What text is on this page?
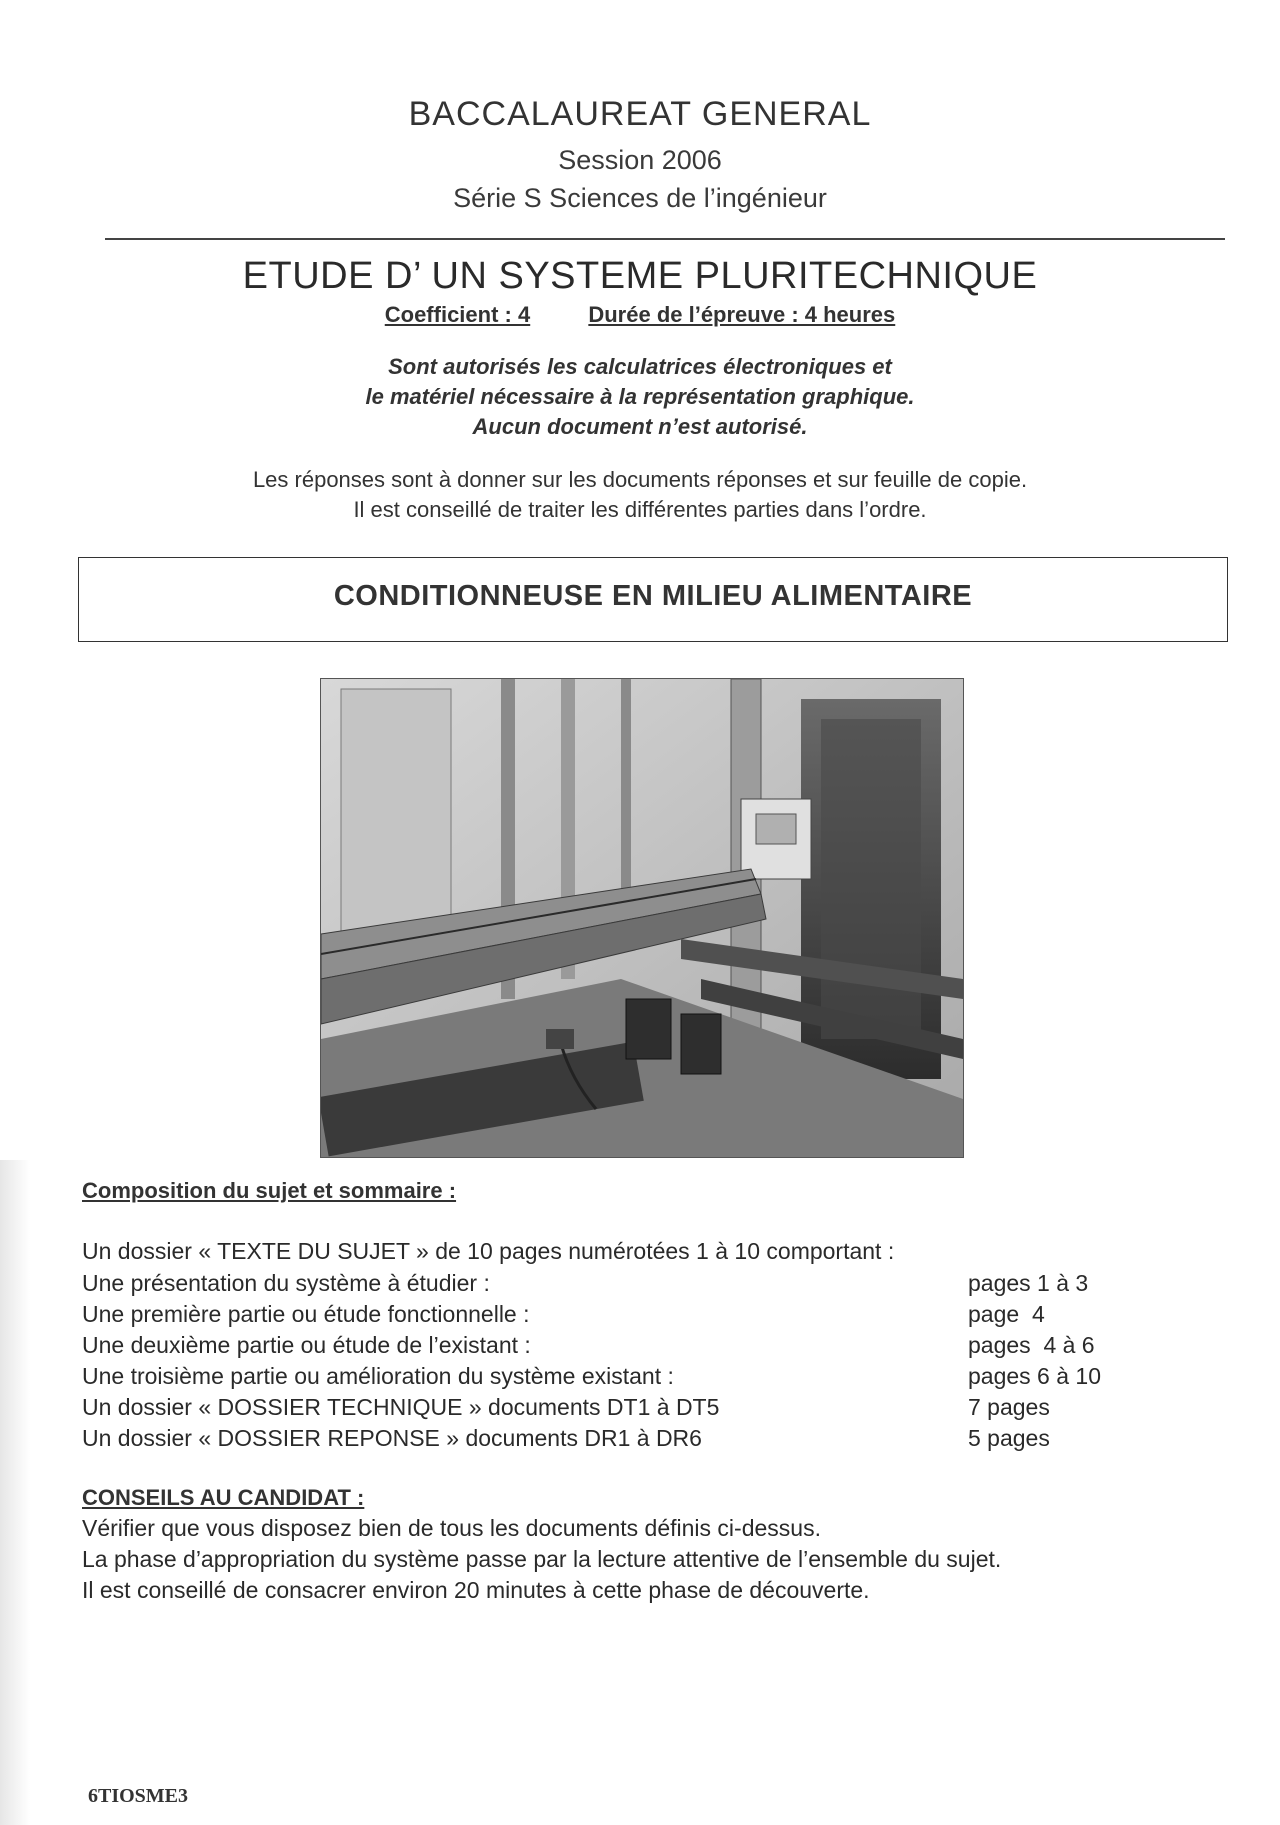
BACCALAUREAT GENERAL
Session 2006
Série S Sciences de l’ingénieur
ETUDE D’ UN SYSTEME PLURITECHNIQUE
Coefficient : 4	Durée de l’épreuve : 4 heures
Sont autorisés les calculatrices électroniques et
le matériel nécessaire à la représentation graphique.
Aucun document n’est autorisé.
Les réponses sont à donner sur les documents réponses et sur feuille de copie.
Il est conseillé de traiter les différentes parties dans l’ordre.
CONDITIONNEUSE EN MILIEU ALIMENTAIRE
Composition du sujet et sommaire :
Un dossier « TEXTE DU SUJET » de 10 pages numérotées 1 à 10 comportant :
Une présentation du système à étudier :	pages 1 à 3
Une première partie ou étude fonctionnelle :	page  4
Une deuxième partie ou étude de l’existant :	pages  4 à 6
Une troisième partie ou amélioration du système existant :	pages 6 à 10
Un dossier « DOSSIER TECHNIQUE » documents DT1 à DT5	7 pages
Un dossier « DOSSIER REPONSE » documents DR1 à DR6	5 pages
CONSEILS AU CANDIDAT :
Vérifier que vous disposez bien de tous les documents définis ci-dessus.
La phase d’appropriation du système passe par la lecture attentive de l’ensemble du sujet.
Il est conseillé de consacrer environ 20 minutes à cette phase de découverte.
6TIOSME3
